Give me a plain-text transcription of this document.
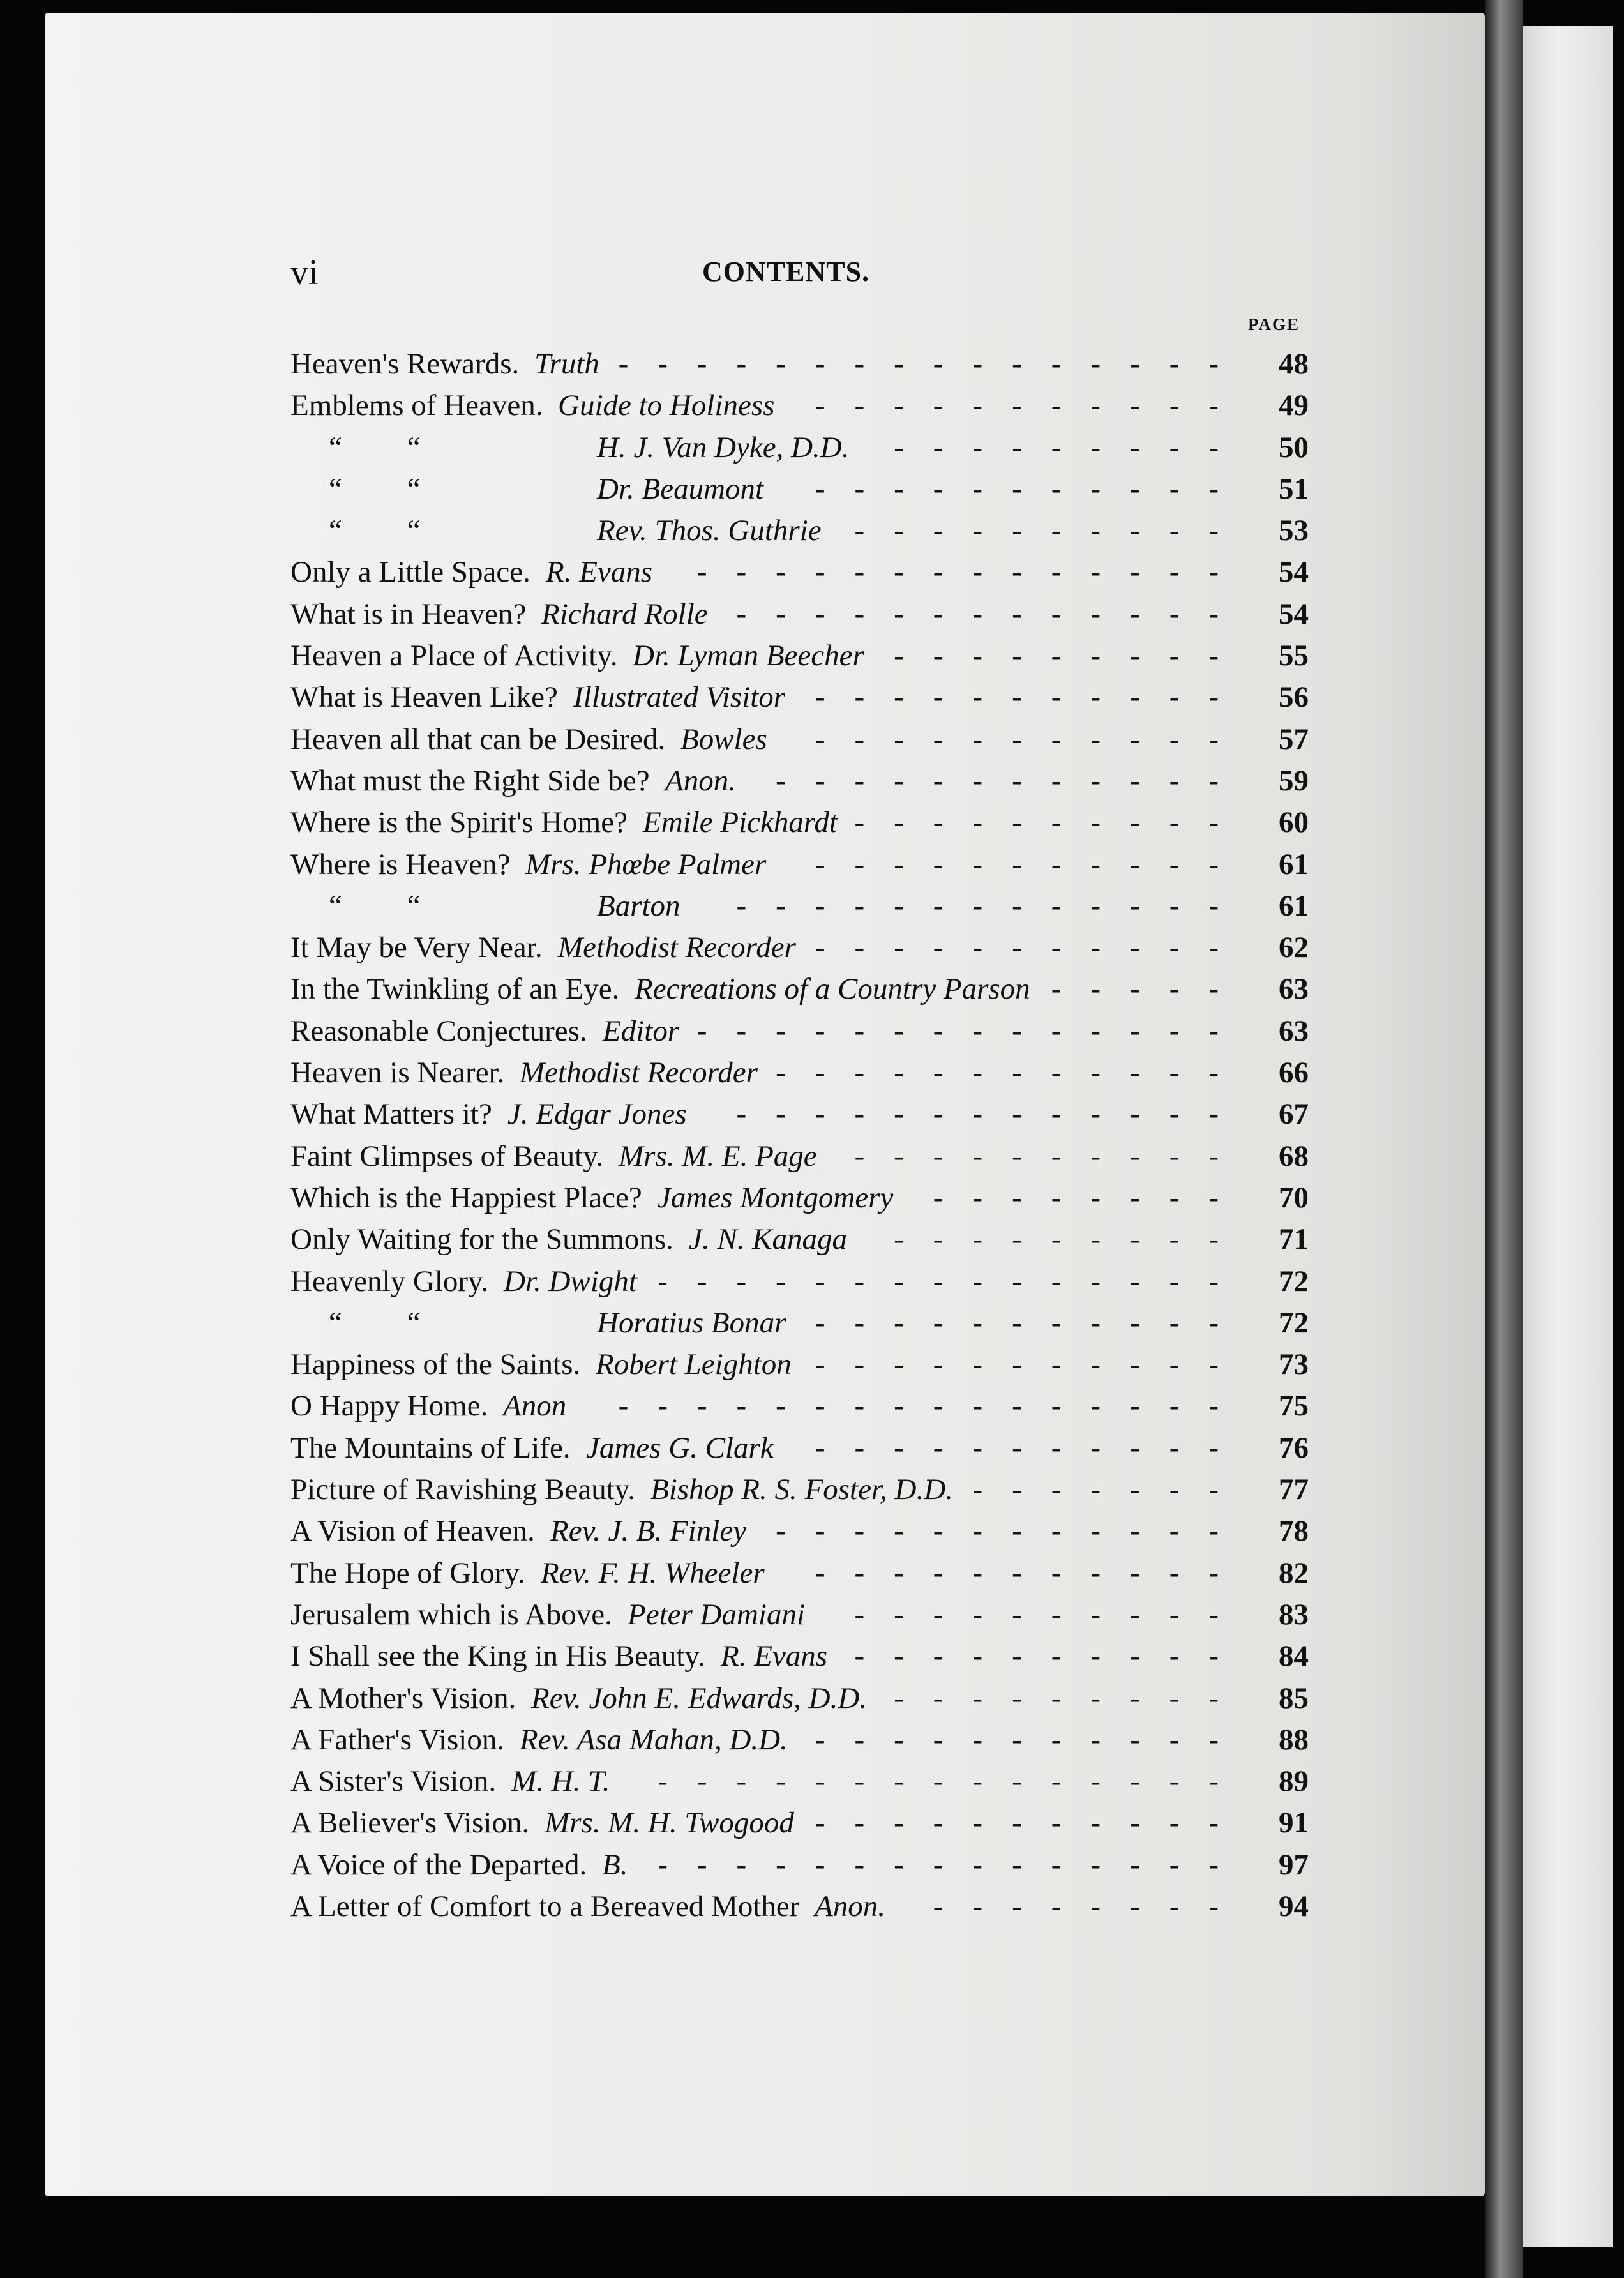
vi	CONTENTS.
PAGE
Heaven's Rewards. Truth ---------------- 48
Emblems of Heaven. Guide to Holiness	----------- 49
“ “	H. J. Van Dyke, D.D.	--------- 50
“ “	Dr. Beaumont	----------- 51
“ “	Rev. Thos. Guthrie	---------- 53
Only a Little Space. R. Evans	-------------- 54
What is in Heaven? Richard Rolle ------------- 54
Heaven a Place of Activity. Dr. Lyman Beecher --------- 55
What is Heaven Like? Illustrated Visitor ----------- 56
Heaven all that can be Desired. Bowles	----------- 57
What must the Right Side be? Anon.	------------ 59
Where is the Spirit's Home? Emile Pickhardt ---------- 60
Where is Heaven? Mrs. Phœbe Palmer	----------- 61
“ “	Barton	------------- 61
It May be Very Near. Methodist Recorder ----------- 62
In the Twinkling of an Eye. Recreations of a Country Parson ----- 63
Reasonable Conjectures. Editor -------------- 63
Heaven is Nearer. Methodist Recorder ------------ 66
What Matters it? J. Edgar Jones	------------- 67
Faint Glimpses of Beauty. Mrs. M. E. Page	---------- 68
Which is the Happiest Place? James Montgomery	-------- 70
Only Waiting for the Summons. J. N. Kanaga	--------- 71
Heavenly Glory. Dr. Dwight --------------- 72
“ “	Horatius Bonar ----------- 72
Happiness of the Saints. Robert Leighton ----------- 73
O Happy Home. Anon	---------------- 75
The Mountains of Life. James G. Clark	----------- 76
Picture of Ravishing Beauty. Bishop R. S. Foster, D.D. ------- 77
A Vision of Heaven. Rev. J. B. Finley ------------ 78
The Hope of Glory. Rev. F. H. Wheeler	----------- 82
Jerusalem which is Above. Peter Damiani	---------- 83
I Shall see the King in His Beauty. R. Evans ---------- 84
A Mother's Vision. Rev. John E. Edwards, D.D. --------- 85
A Father's Vision. Rev. Asa Mahan, D.D. ----------- 88
A Sister's Vision. M. H. T.	--------------- 89
A Believer's Vision. Mrs. M. H. Twogood ----------- 91
A Voice of the Departed. B. --------------- 97
A Letter of Comfort to a Bereaved Mother Anon.	-------- 94
